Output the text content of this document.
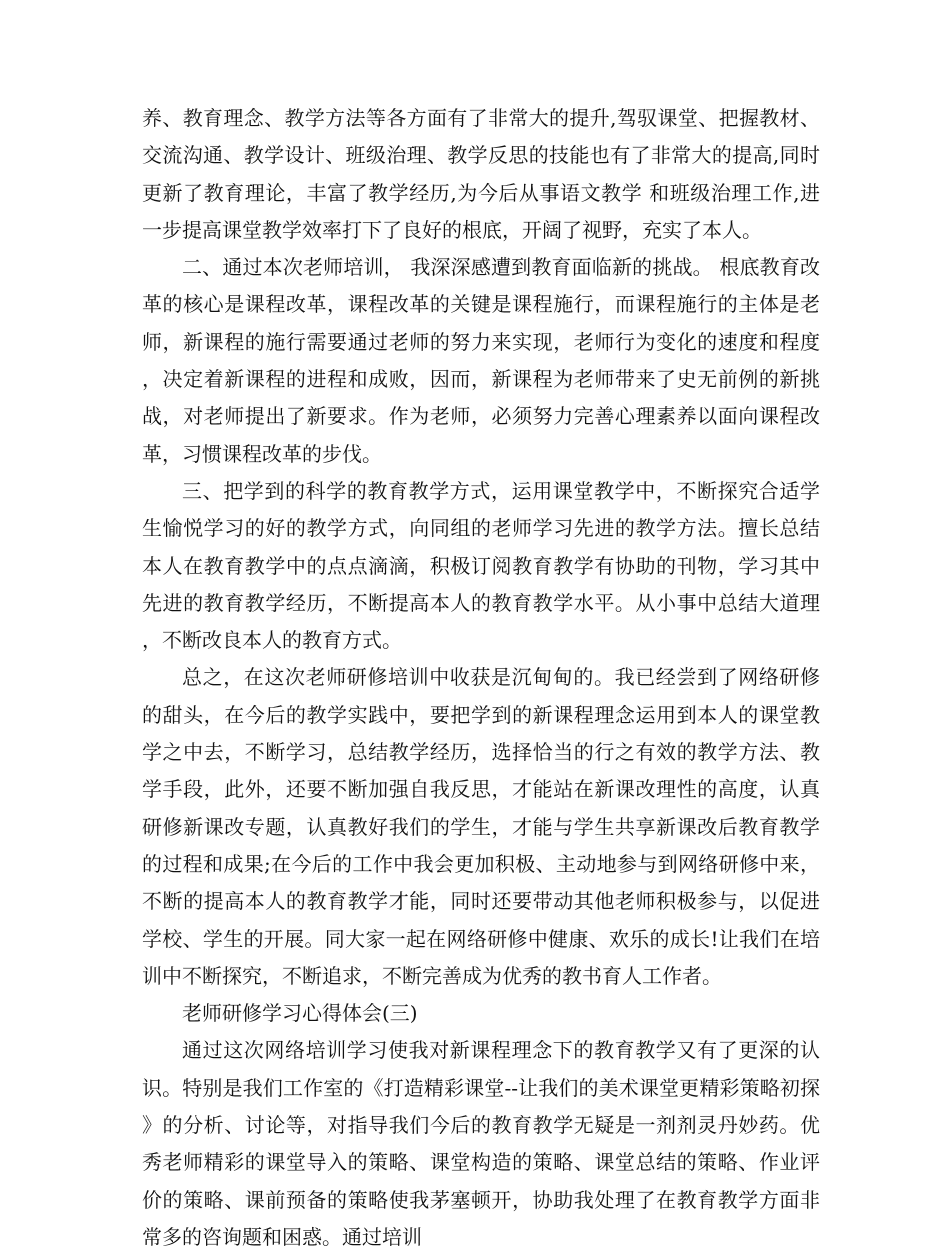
养、教育理念、教学方法等各方面有了非常大的提升,驾驭课堂、把握教材、交流沟通、教学设计、班级治理、教学反思的技能也有了非常大的提高,同时更新了教育理论，丰富了教学经历,为今后从事语文教学 和班级治理工作,进一步提高课堂教学效率打下了良好的根底，开阔了视野，充实了本人。

二、通过本次老师培训， 我深深感遭到教育面临新的挑战。 根底教育改革的核心是课程改革，课程改革的关键是课程施行，而课程施行的主体是老师，新课程的施行需要通过老师的努力来实现，老师行为变化的速度和程度，决定着新课程的进程和成败，因而，新课程为老师带来了史无前例的新挑战，对老师提出了新要求。作为老师，必须努力完善心理素养以面向课程改革，习惯课程改革的步伐。

三、把学到的科学的教育教学方式，运用课堂教学中，不断探究合适学生愉悦学习的好的教学方式，向同组的老师学习先进的教学方法。擅长总结本人在教育教学中的点点滴滴，积极订阅教育教学有协助的刊物，学习其中先进的教育教学经历，不断提高本人的教育教学水平。从小事中总结大道理，不断改良本人的教育方式。

总之，在这次老师研修培训中收获是沉甸甸的。我已经尝到了网络研修的甜头，在今后的教学实践中，要把学到的新课程理念运用到本人的课堂教学之中去，不断学习，总结教学经历，选择恰当的行之有效的教学方法、教学手段，此外，还要不断加强自我反思，才能站在新课改理性的高度，认真研修新课改专题，认真教好我们的学生，才能与学生共享新课改后教育教学的过程和成果;在今后的工作中我会更加积极、主动地参与到网络研修中来，不断的提高本人的教育教学才能，同时还要带动其他老师积极参与，以促进学校、学生的开展。同大家一起在网络研修中健康、欢乐的成长!让我们在培训中不断探究，不断追求，不断完善成为优秀的教书育人工作者。

老师研修学习心得体会(三)

通过这次网络培训学习使我对新课程理念下的教育教学又有了更深的认识。特别是我们工作室的《打造精彩课堂--让我们的美术课堂更精彩策略初探》的分析、讨论等，对指导我们今后的教育教学无疑是一剂剂灵丹妙药。优秀老师精彩的课堂导入的策略、课堂构造的策略、课堂总结的策略、作业评价的策略、课前预备的策略使我茅塞顿开，协助我处理了在教育教学方面非常多的咨询题和困惑。通过培训
